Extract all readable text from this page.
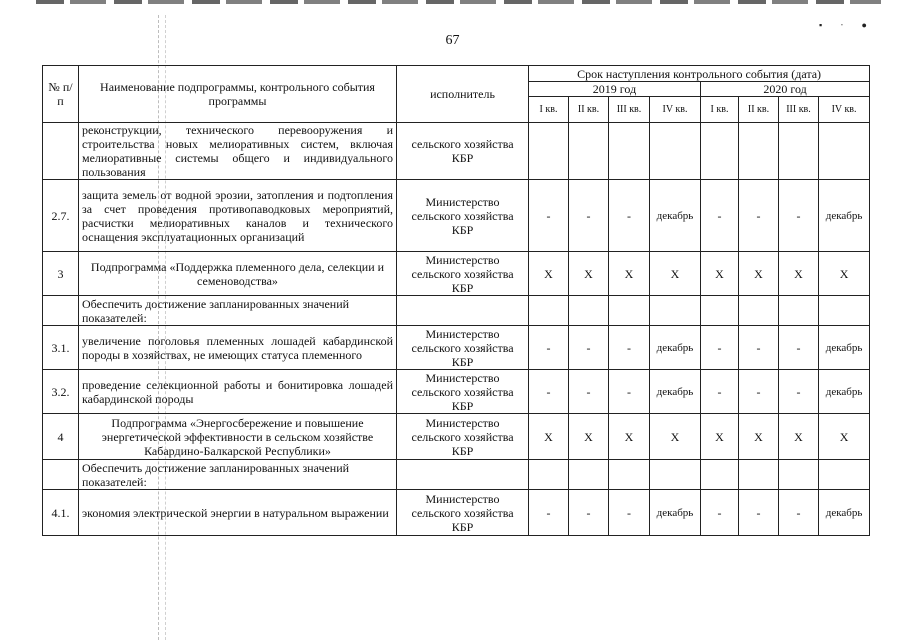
▪ ‧ ●
67
№ п/п	Наименование подпрограммы, контрольного события программы	исполнитель	Срок наступления контрольного события (дата)							
			2019 год				2020 год			
			I кв.	II кв.	III кв.	IV кв.	I кв.	II кв.	III кв.	IV кв.
	реконструкции, технического перевооружения и строительства новых мелиоративных систем, включая мелиоративные системы общего и индивидуального пользования	сельского хозяйства КБР								
2.7.	защита земель от водной эрозии, затопления и подтопления за счет проведения противопаводковых мероприятий, расчистки мелиоративных каналов и технического оснащения эксплуатационных организаций	Министерство сельского хозяйства КБР	-	-	-	декабрь	-	-	-	декабрь
3	Подпрограмма «Поддержка племенного дела, селекции и семеноводства»	Министерство сельского хозяйства КБР	X	X	X	X	X	X	X	X
	Обеспечить достижение запланированных значений показателей:									
3.1.	увеличение поголовья племенных лошадей кабардинской породы в хозяйствах, не имеющих статуса племенного	Министерство сельского хозяйства КБР	-	-	-	декабрь	-	-	-	декабрь
3.2.	проведение селекционной работы и бонитировка лошадей кабардинской породы	Министерство сельского хозяйства КБР	-	-	-	декабрь	-	-	-	декабрь
4	Подпрограмма «Энергосбережение и повышение энергетической эффективности в сельском хозяйстве Кабардино-Балкарской Республики»	Министерство сельского хозяйства КБР	X	X	X	X	X	X	X	X
	Обеспечить достижение запланированных значений показателей:									
4.1.	экономия электрической энергии в натуральном выражении	Министерство сельского хозяйства КБР	-	-	-	декабрь	-	-	-	декабрь
